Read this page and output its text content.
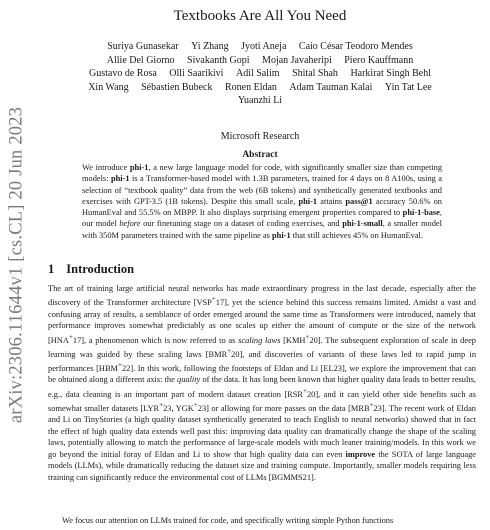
arXiv:2306.11644v1 [cs.CL] 20 Jun 2023
Textbooks Are All You Need
Suriya Gunasekar Yi Zhang Jyoti Aneja Caio César Teodoro Mendes
Allie Del Giorno Sivakanth Gopi Mojan Javaheripi Piero Kauffmann
Gustavo de Rosa Olli Saarikivi Adil Salim Shital Shah Harkirat Singh Behl
Xin Wang Sébastien Bubeck Ronen Eldan Adam Tauman Kalai Yin Tat Lee
Yuanzhi Li

Microsoft Research

Abstract

We introduce phi-1, a new large language model for code, with significantly smaller size than competing models: phi-1 is a Transformer-based model with 1.3B parameters, trained for 4 days on 8 A100s, using a selection of “textbook quality” data from the web (6B tokens) and synthetically generated textbooks and exercises with GPT-3.5 (1B tokens). Despite this small scale, phi-1 attains pass@1 accuracy 50.6% on HumanEval and 55.5% on MBPP. It also displays surprising emergent properties compared to phi-1-base, our model before our finetuning stage on a dataset of coding exercises, and phi-1-small, a smaller model with 350M parameters trained with the same pipeline as phi-1 that still achieves 45% on HumanEval.

1 Introduction

The art of training large artificial neural networks has made extraordinary progress in the last decade, especially after the discovery of the Transformer architecture [VSP+17], yet the science behind this success remains limited. Amidst a vast and confusing array of results, a semblance of order emerged around the same time as Transformers were introduced, namely that performance improves somewhat predictably as one scales up either the amount of compute or the size of the network [HNA+17], a phenomenon which is now referred to as scaling laws [KMH+20]. The subsequent exploration of scale in deep learning was guided by these scaling laws [BMR+20], and discoveries of variants of these laws led to rapid jump in performances [HBM+22]. In this work, following the footsteps of Eldan and Li [EL23], we explore the improvement that can be obtained along a different axis: the quality of the data. It has long been known that higher quality data leads to better results, e.g., data cleaning is an important part of modern dataset creation [RSR+20], and it can yield other side benefits such as somewhat smaller datasets [LYR+23, YGK+23] or allowing for more passes on the data [MRB+23]. The recent work of Eldan and Li on TinyStories (a high quality dataset synthetically generated to teach English to neural networks) showed that in fact the effect of high quality data extends well past this: improving data quality can dramatically change the shape of the scaling laws, potentially allowing to match the performance of large-scale models with much leaner training/models. In this work we go beyond the initial foray of Eldan and Li to show that high quality data can even improve the SOTA of large language models (LLMs), while dramatically reducing the dataset size and training compute. Importantly, smaller models requiring less training can significantly reduce the environmental cost of LLMs [BGMMS21].

We focus our attention on LLMs trained for code, and specifically writing simple Python functions
